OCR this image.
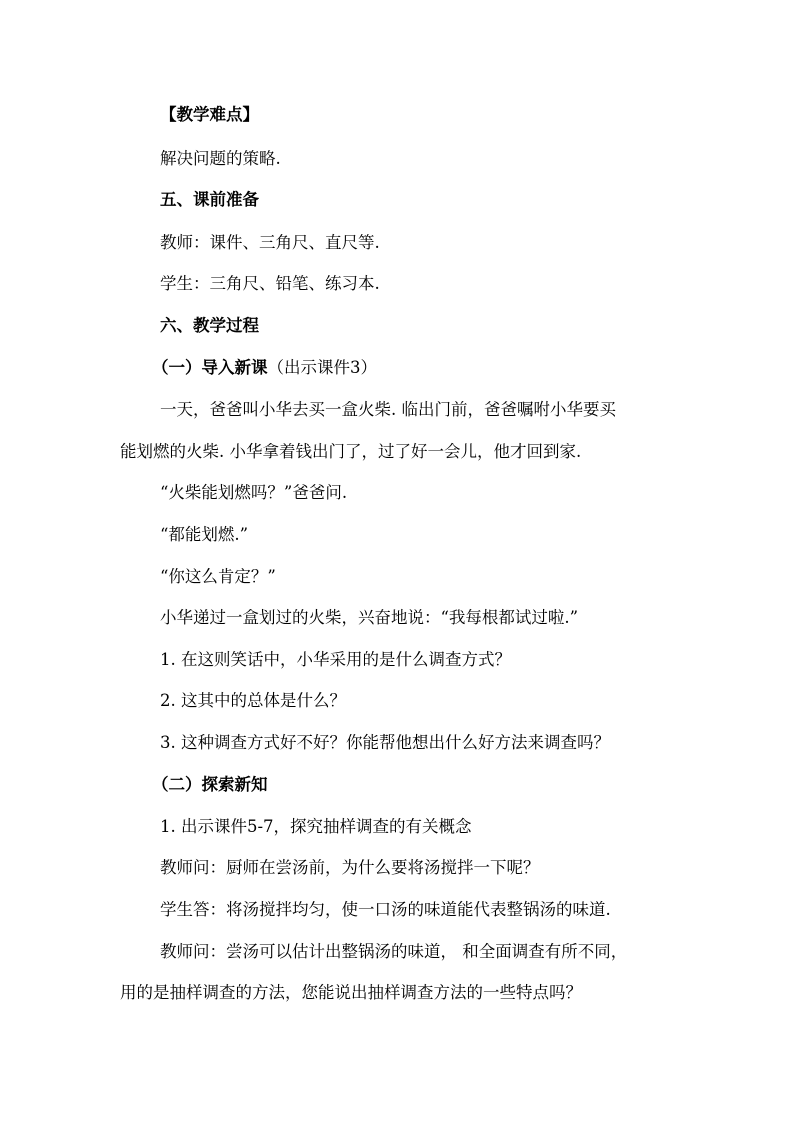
【教学难点】
解决问题的策略.
五、课前准备
教师：课件、三角尺、直尺等.
学生：三角尺、铅笔、练习本.
六、教学过程
（一）导入新课（出示课件3）
一天，爸爸叫小华去买一盒火柴. 临出门前，爸爸嘱咐小华要买
能划燃的火柴. 小华拿着钱出门了，过了好一会儿，他才回到家.
“火柴能划燃吗？”爸爸问.
“都能划燃.”
“你这么肯定？”
小华递过一盒划过的火柴，兴奋地说：“我每根都试过啦.”
1. 在这则笑话中，小华采用的是什么调查方式？
2. 这其中的总体是什么？
3. 这种调查方式好不好？你能帮他想出什么好方法来调查吗？
（二）探索新知
1. 出示课件5-7，探究抽样调查的有关概念
教师问：厨师在尝汤前，为什么要将汤搅拌一下呢？
学生答：将汤搅拌均匀，使一口汤的味道能代表整锅汤的味道.
教师问：尝汤可以估计出整锅汤的味道， 和全面调查有所不同，
用的是抽样调查的方法，您能说出抽样调查方法的一些特点吗？
